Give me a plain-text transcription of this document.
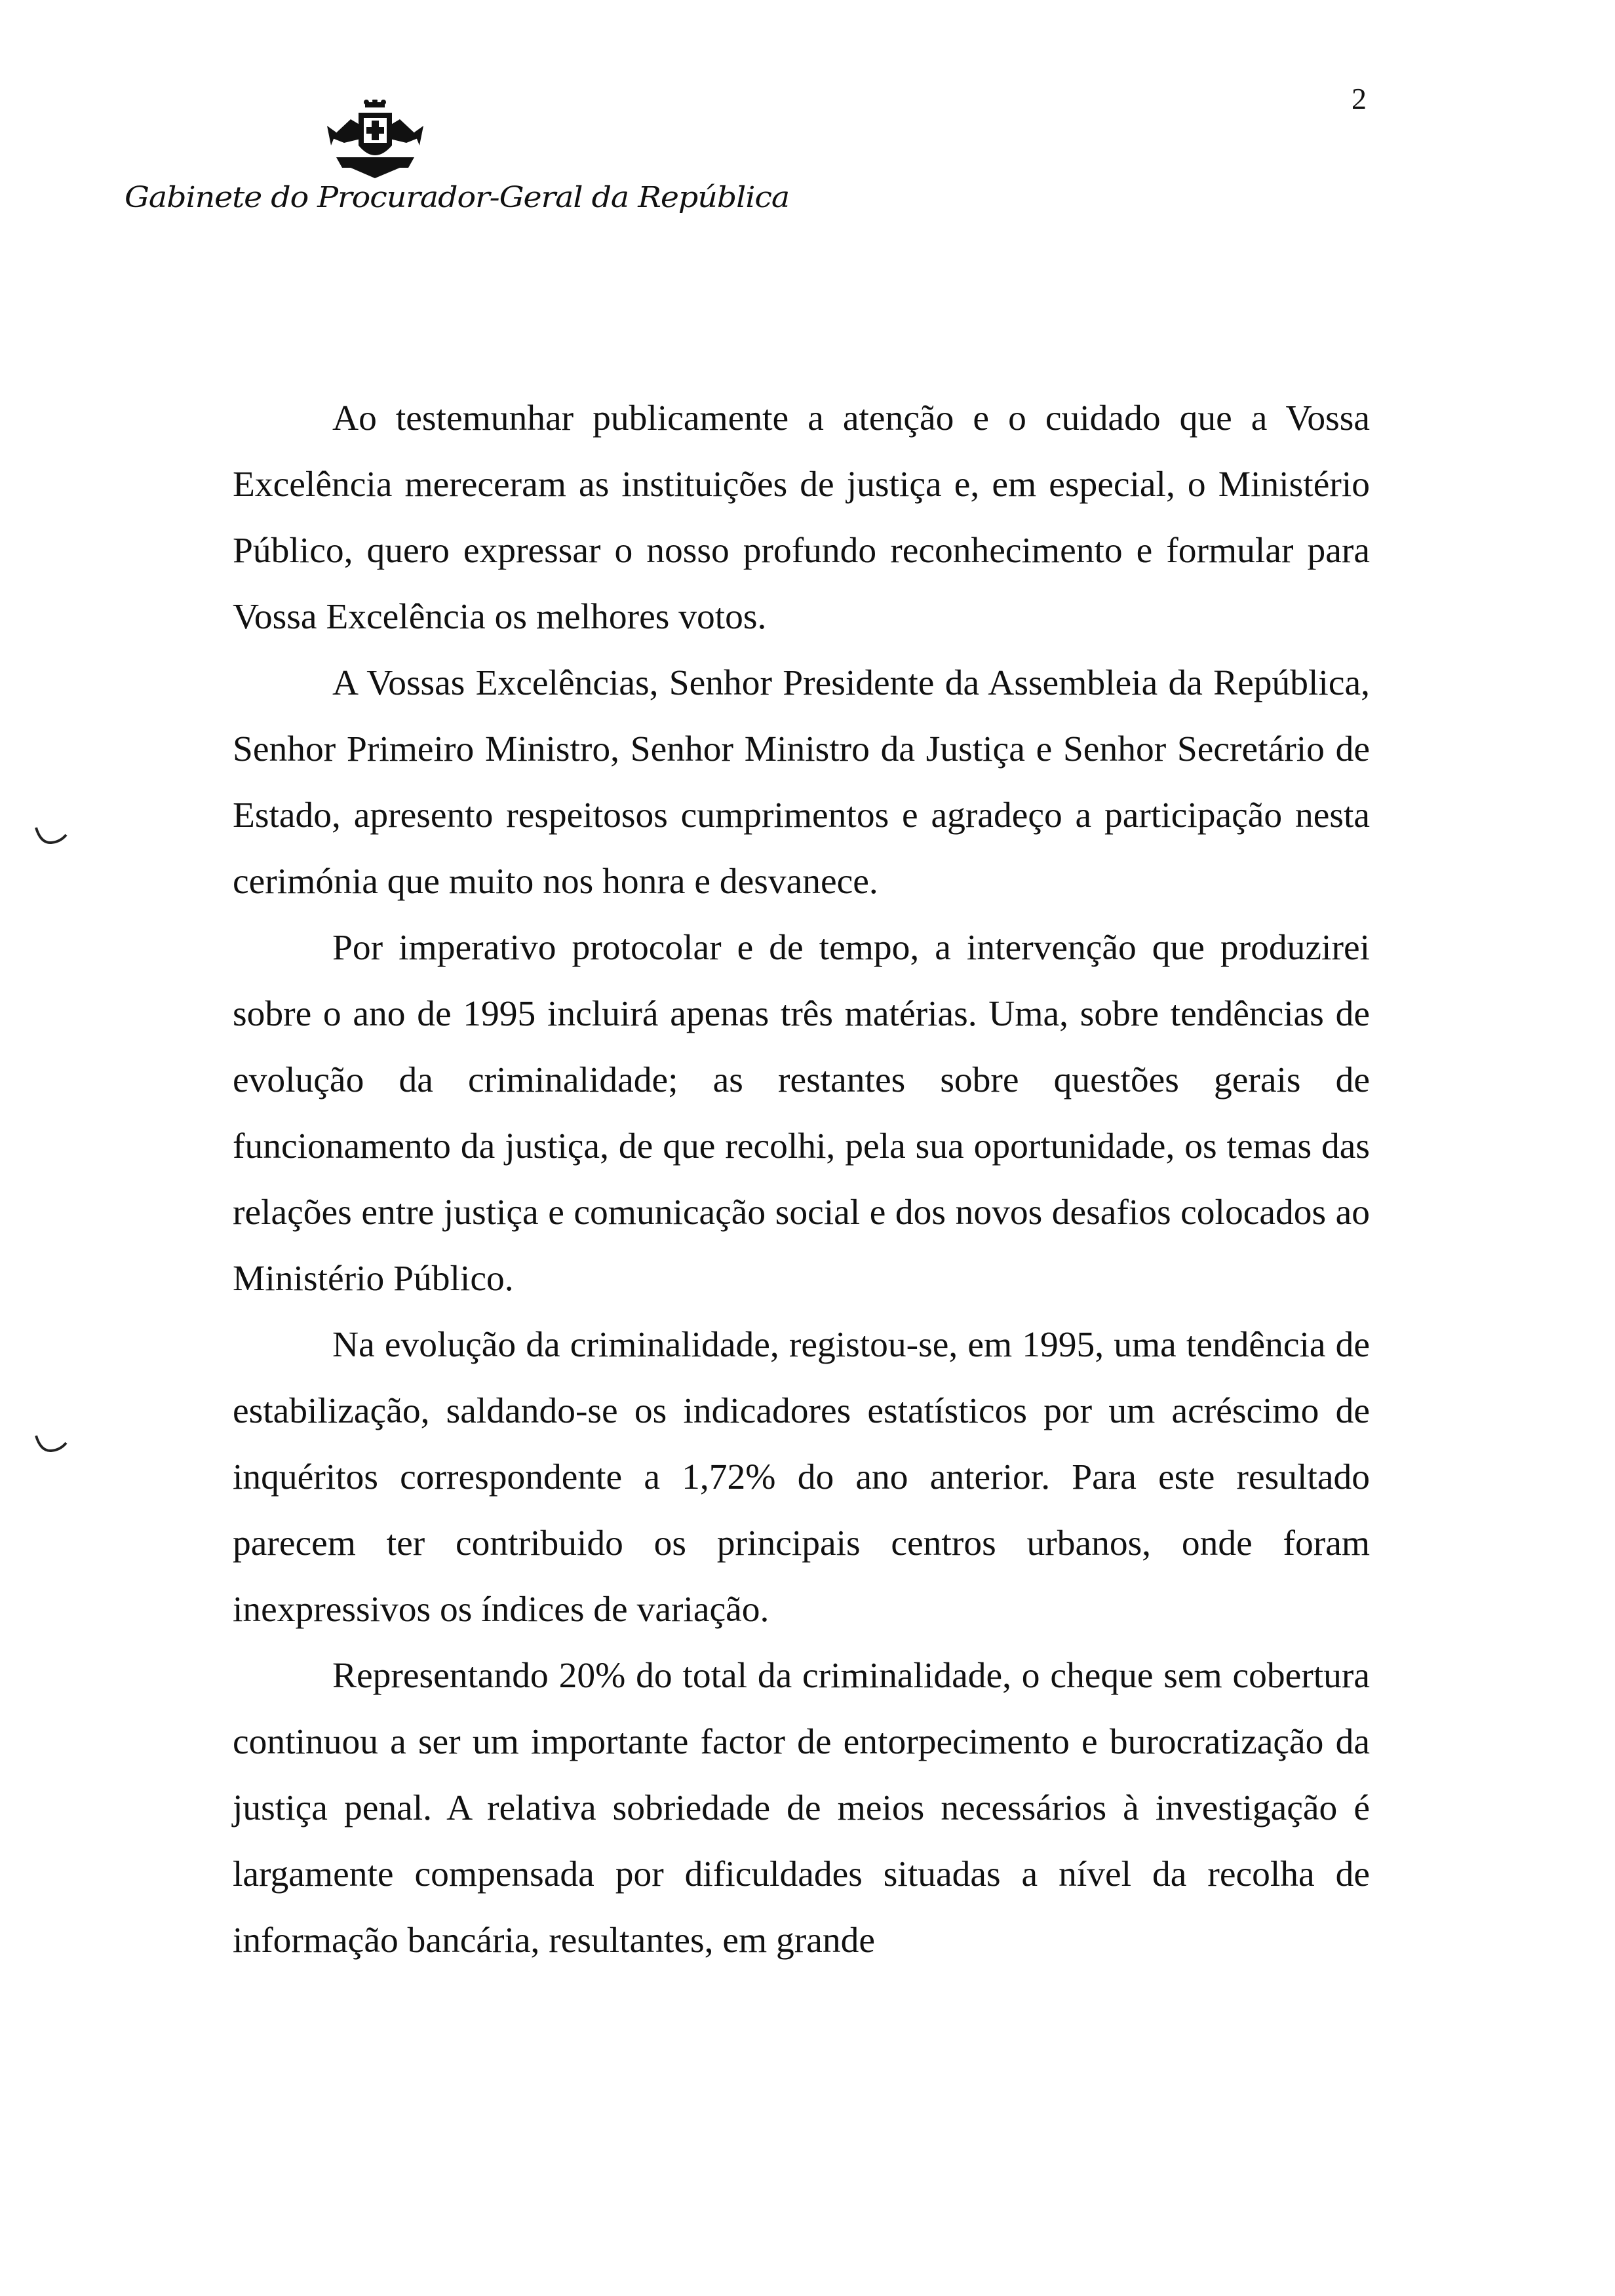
2
Gabinete do Procurador-Geral da República

Ao testemunhar publicamente a atenção e o cuidado que a Vossa Excelência mereceram as instituições de justiça e, em especial, o Ministério Público, quero expressar o nosso profundo reconhecimento e formular para Vossa Excelência os melhores votos.

A Vossas Excelências, Senhor Presidente da Assembleia da República, Senhor Primeiro Ministro, Senhor Ministro da Justiça e Senhor Secretário de Estado, apresento respeitosos cumprimentos e agradeço a participação nesta cerimónia que muito nos honra e desvanece.

Por imperativo protocolar e de tempo, a intervenção que produzirei sobre o ano de 1995 incluirá apenas três matérias. Uma, sobre tendências de evolução da criminalidade; as restantes sobre questões gerais de funcionamento da justiça, de que recolhi, pela sua oportunidade, os temas das relações entre justiça e comunicação social e dos novos desafios colocados ao Ministério Público.

Na evolução da criminalidade, registou-se, em 1995, uma tendência de estabilização, saldando-se os indicadores estatísticos por um acréscimo de inquéritos correspondente a 1,72% do ano anterior. Para este resultado parecem ter contribuido os principais centros urbanos, onde foram inexpressivos os índices de variação.

Representando 20% do total da criminalidade, o cheque sem cobertura continuou a ser um importante factor de entorpecimento e burocratização da justiça penal. A relativa sobriedade de meios necessários à investigação é largamente compensada por dificuldades situadas a nível da recolha de informação bancária, resultantes, em grande
